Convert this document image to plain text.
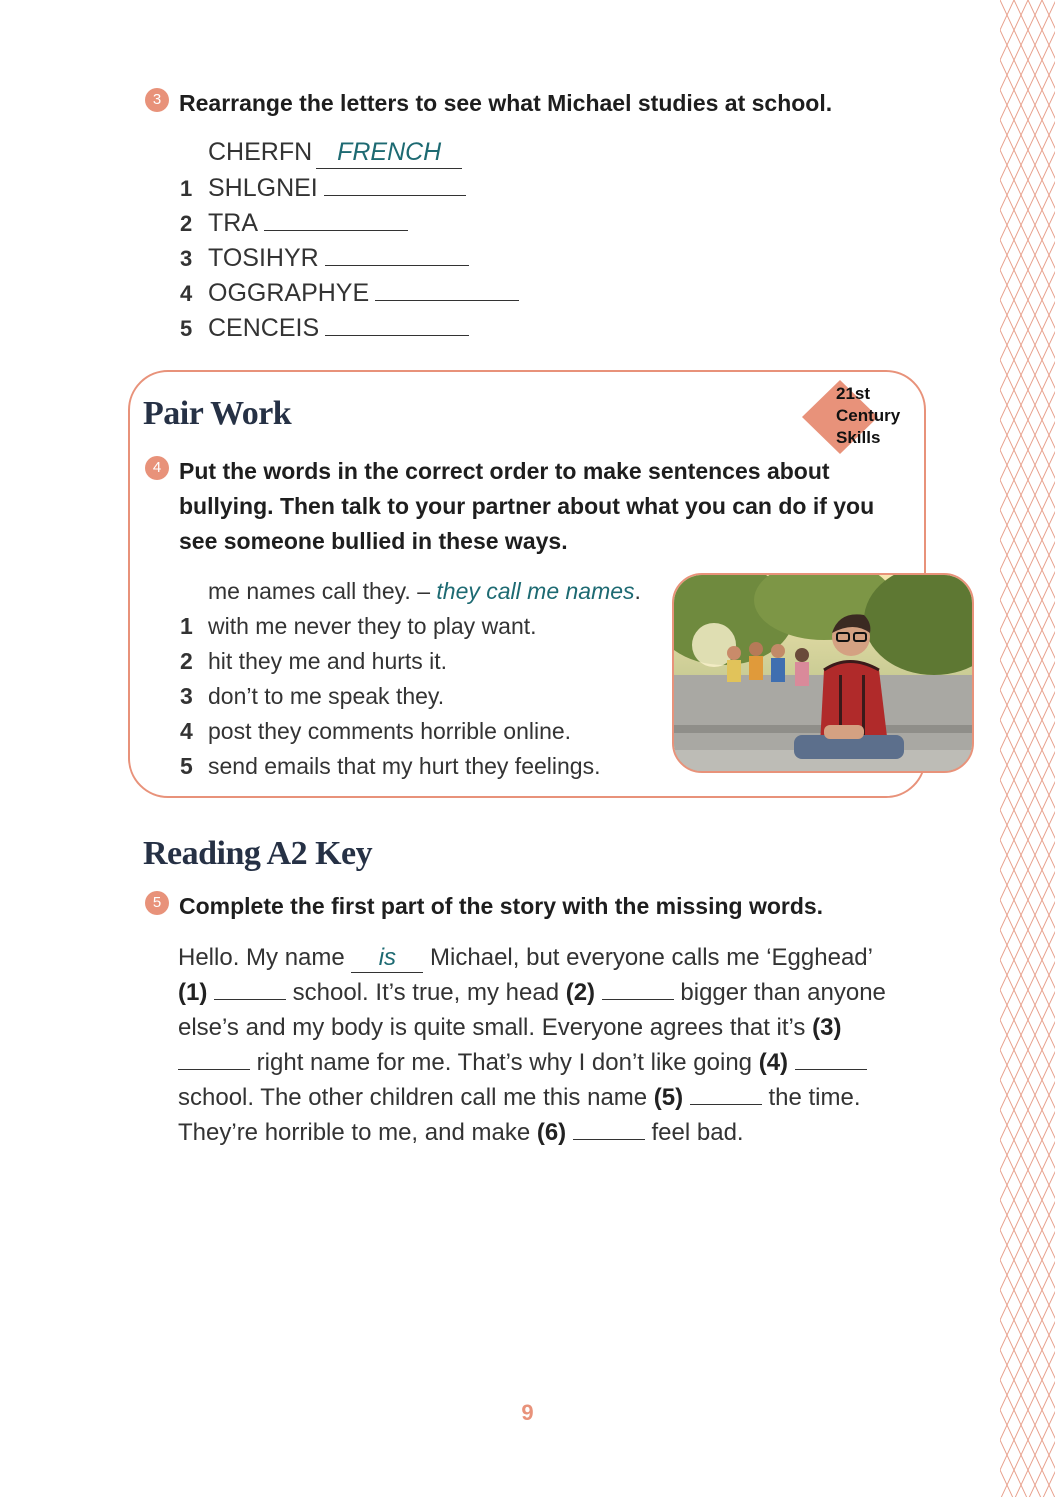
3 Rearrange the letters to see what Michael studies at school.
CHERFN FRENCH
1 SHLGNEI
2 TRA
3 TOSIHYR
4 OGGRAPHYE
5 CENCEIS
Pair Work
21st
Century
Skills
4 Put the words in the correct order to make sentences about bullying. Then talk to your partner about what you can do if you see someone bullied in these ways.
me names call they. – they call me names.
1 with me never they to play want.
2 hit they me and hurts it.
3 don’t to me speak they.
4 post they comments horrible online.
5 send emails that my hurt they feelings.
Reading A2 Key
5 Complete the first part of the story with the missing words.
Hello. My name is Michael, but everyone calls me ‘Egghead’
(1)	school. It’s true, my head (2)	bigger than anyone else’s and my body is quite small. Everyone agrees that it’s (3)  right name for me. That’s why I don’t like going (4)  school. The other children call me this name (5)	the time. They’re horrible to me, and make (6)	feel bad.
9
